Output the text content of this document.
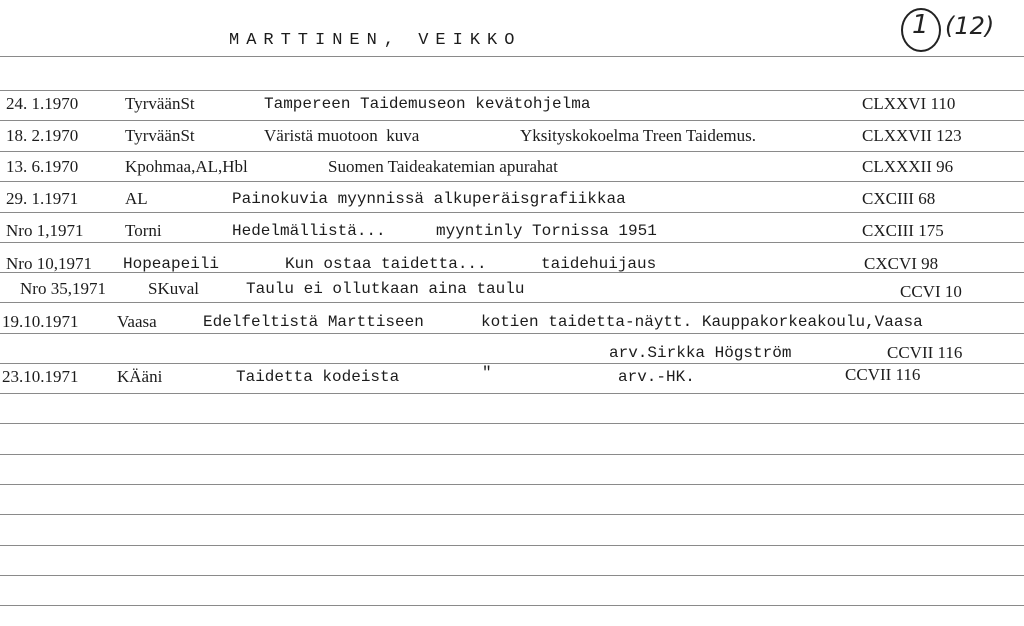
MARTTINEN, VEIKKO
1 (12)
24. 1.1970	TyrväänSt	Tampereen Taidemuseon kevätohjelma	CLXXVI 110
18. 2.1970	TyrväänSt	Väristä muotoon  kuva	Yksityskokoelma Treen Taidemus.	CLXXVII 123
13. 6.1970	Kpohmaa,AL,Hbl	Suomen Taideakatemian apurahat	CLXXXII 96
29. 1.1971	AL	Painokuvia myynnissä alkuperäisgrafiikkaa	CXCIII 68
Nro 1,1971 Torni	Hedelmällistä...	myyntinly Tornissa 1951	CXCIII 175
Nro 10,1971 Hopeapeili	Kun ostaa taidetta...	taidehuijaus	CXCVI 98
Nro 35,1971 SKuval	Taulu ei ollutkaan aina taulu	CCVI 10
19.10.1971 Vaasa	Edelfeltistä Marttiseen	kotien taidetta-näytt. Kauppakorkeakoulu,Vaasa
arv.Sirkka Högström	CCVII 116
23.10.1971 KÄäni	Taidetta kodeista	"	arv.-HK.	CCVII 116
